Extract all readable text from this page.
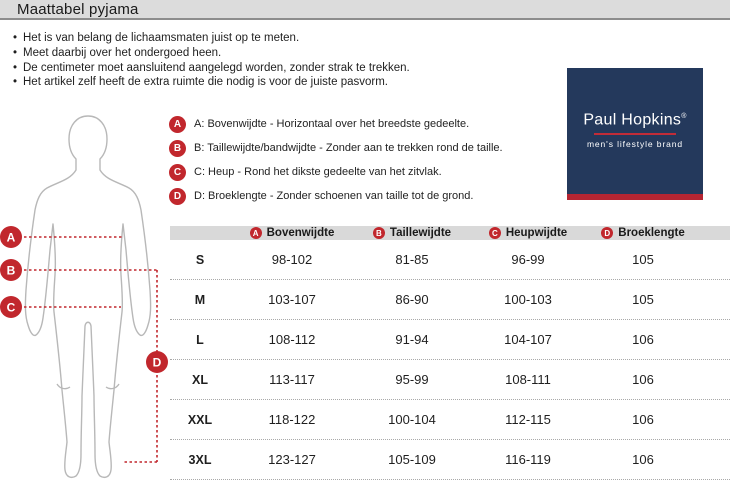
Maattabel pyjama
• Het is van belang de lichaamsmaten juist op te meten.
• Meet daarbij over het ondergoed heen.
• De centimeter moet aansluitend aangelegd worden, zonder strak te trekken.
• Het artikel zelf heeft de extra ruimte die nodig is voor de juiste pasvorm.
A
B
C
D
A	A: Bovenwijdte - Horizontaal over het breedste gedeelte.
B	B: Taillewijdte/bandwijdte - Zonder aan te trekken rond de taille.
C	C: Heup - Rond het dikste gedeelte van het zitvlak.
D	D: Broeklengte - Zonder schoenen van taille tot de grond.
Paul Hopkins®
men's lifestyle brand
A Bovenwijdte	B Taillewijdte	C Heupwijdte	D Broeklengte
S	98-102	81-85	96-99	105
M	103-107	86-90	100-103	105
L	108-112	91-94	104-107	106
XL	113-117	95-99	108-111	106
XXL	118-122	100-104	112-115	106
3XL	123-127	105-109	116-119	106
